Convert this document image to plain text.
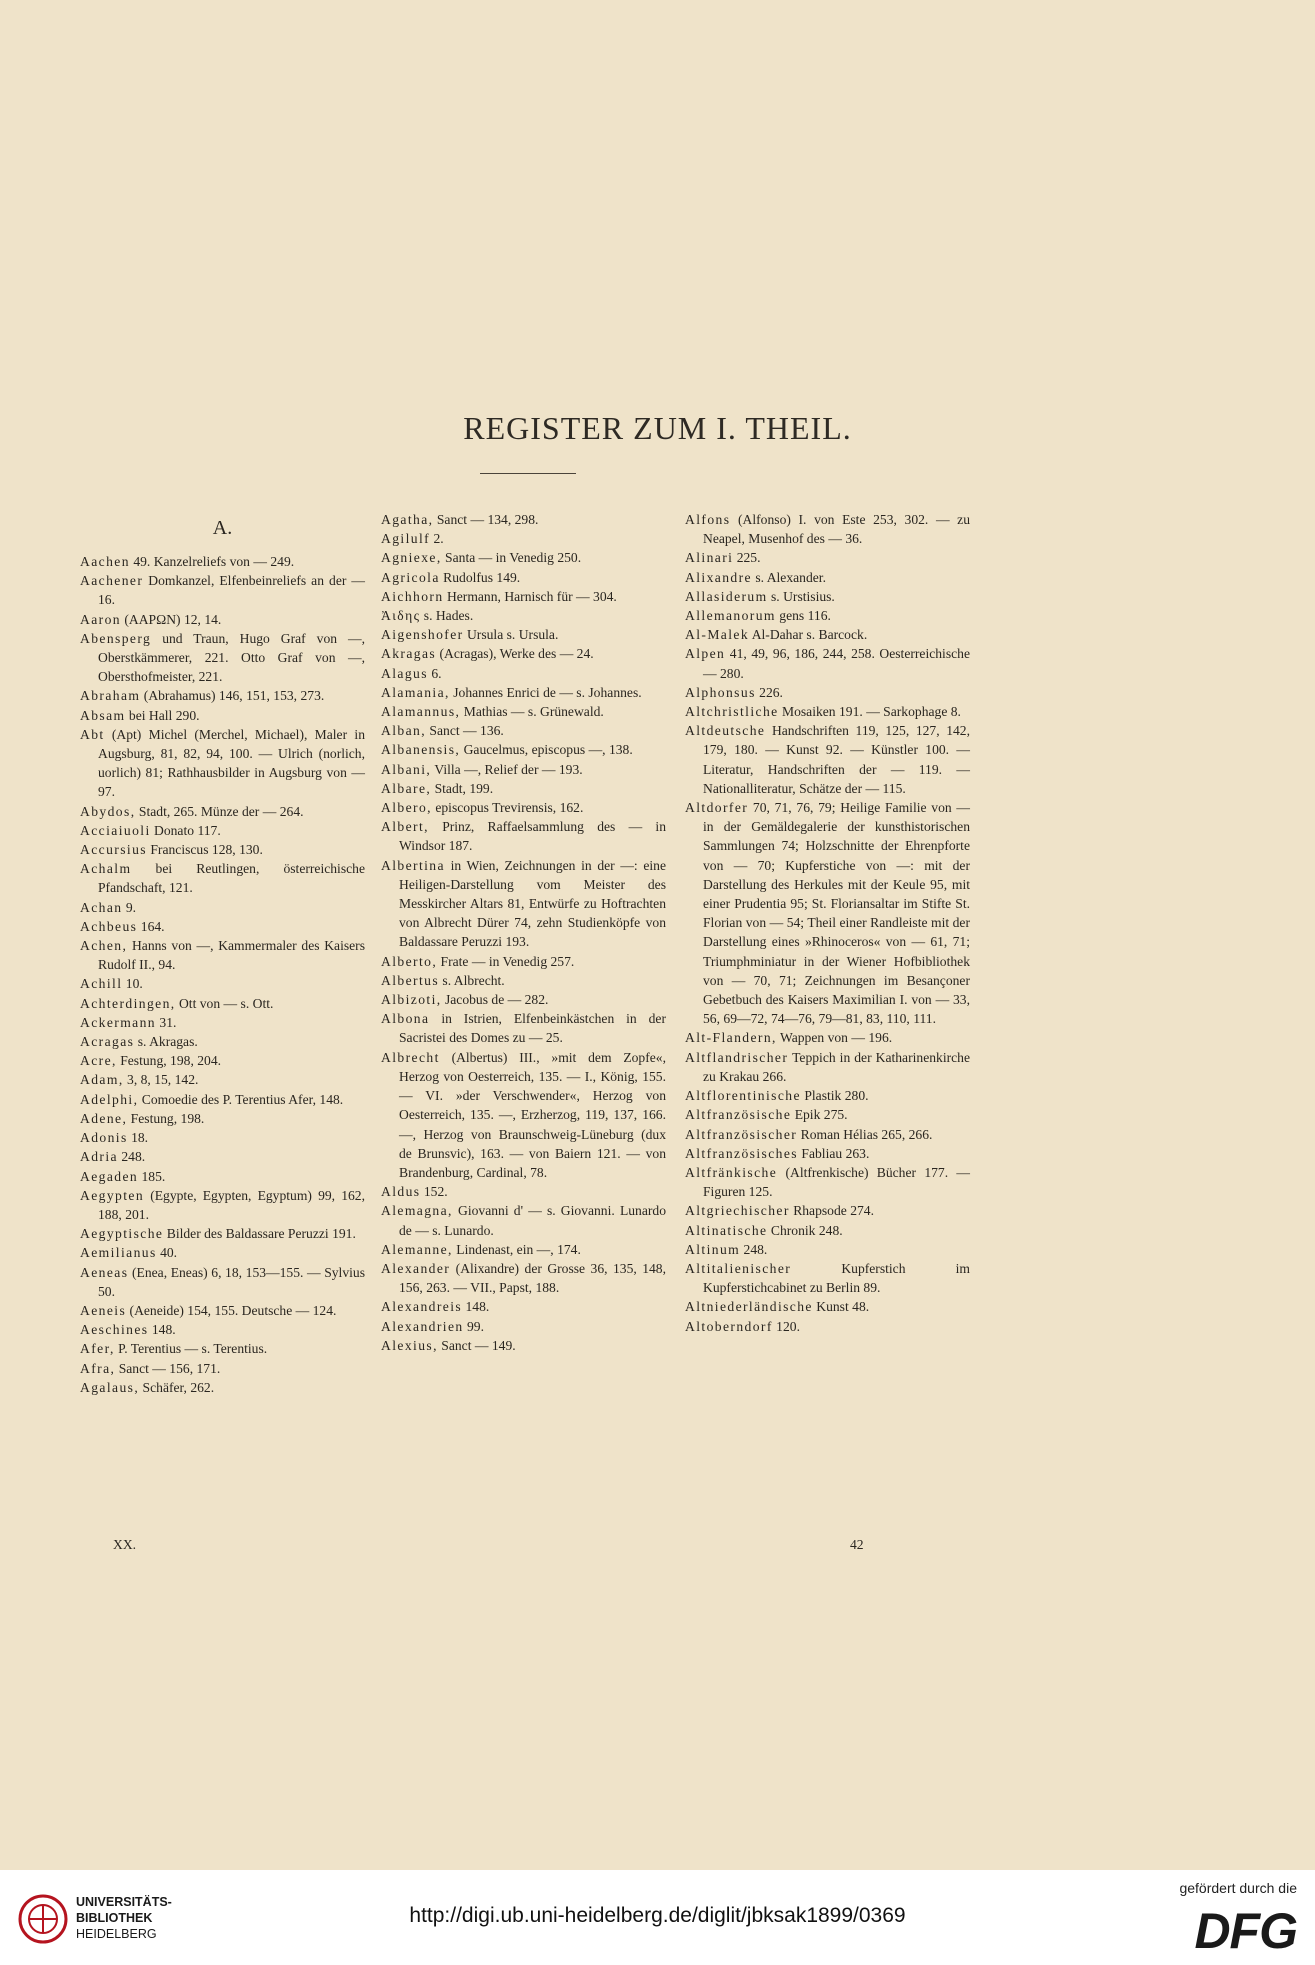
REGISTER ZUM I. THEIL.
A.

Aachen 49. Kanzelreliefs von — 249.

Aachener Domkanzel, Elfenbeinreliefs an der — 16.

Aaron (ΑΑΡΩΝ) 12, 14.

Abensperg und Traun, Hugo Graf von —, Oberstkämmerer, 221. Otto Graf von —, Obersthofmeister, 221.

Abraham (Abrahamus) 146, 151, 153, 273.

Absam bei Hall 290.

Abt (Apt) Michel (Merchel, Michael), Maler in Augsburg, 81, 82, 94, 100. — Ulrich (norlich, uorlich) 81; Rathhausbilder in Augsburg von — 97.

Abydos, Stadt, 265. Münze der — 264.

Acciaiuoli Donato 117.

Accursius Franciscus 128, 130.

Achalm bei Reutlingen, österreichische Pfandschaft, 121.

Achan 9.

Achbeus 164.

Achen, Hanns von —, Kammermaler des Kaisers Rudolf II., 94.

Achill 10.

Achterdingen, Ott von — s. Ott.

Ackermann 31.

Acragas s. Akragas.

Acre, Festung, 198, 204.

Adam, 3, 8, 15, 142.

Adelphi, Comoedie des P. Terentius Afer, 148.

Adene, Festung, 198.

Adonis 18.

Adria 248.

Aegaden 185.

Aegypten (Egypte, Egypten, Egyptum) 99, 162, 188, 201.

Aegyptische Bilder des Baldassare Peruzzi 191.

Aemilianus 40.

Aeneas (Enea, Eneas) 6, 18, 153—155. — Sylvius 50.

Aeneis (Aeneide) 154, 155. Deutsche — 124.

Aeschines 148.

Afer, P. Terentius — s. Terentius.

Afra, Sanct — 156, 171.

Agalaus, Schäfer, 262.

Agatha, Sanct — 134, 298.

Agilulf 2.

Agniexe, Santa — in Venedig 250.

Agricola Rudolfus 149.

Aichhorn Hermann, Harnisch für — 304.

Ἀιδης s. Hades.

Aigenshofer Ursula s. Ursula.

Akragas (Acragas), Werke des — 24.

Alagus 6.

Alamania, Johannes Enrici de — s. Johannes.

Alamannus, Mathias — s. Grünewald.

Alban, Sanct — 136.

Albanensis, Gaucelmus, episcopus —, 138.

Albani, Villa —, Relief der — 193.

Albare, Stadt, 199.

Albero, episcopus Trevirensis, 162.

Albert, Prinz, Raffaelsammlung des — in Windsor 187.

Albertina in Wien, Zeichnungen in der —: eine Heiligen-Darstellung vom Meister des Messkircher Altars 81, Entwürfe zu Hoftrachten von Albrecht Dürer 74, zehn Studienköpfe von Baldassare Peruzzi 193.

Alberto, Frate — in Venedig 257.

Albertus s. Albrecht.

Albizoti, Jacobus de — 282.

Albona in Istrien, Elfenbeinkästchen in der Sacristei des Domes zu — 25.

Albrecht (Albertus) III., »mit dem Zopfe«, Herzog von Oesterreich, 135. — I., König, 155. — VI. »der Verschwender«, Herzog von Oesterreich, 135. —, Erzherzog, 119, 137, 166. —, Herzog von Braunschweig-Lüneburg (dux de Brunsvic), 163. — von Baiern 121. — von Brandenburg, Cardinal, 78.

Aldus 152.

Alemagna, Giovanni d' — s. Giovanni. Lunardo de — s. Lunardo.

Alemanne, Lindenast, ein —, 174.

Alexander (Alixandre) der Grosse 36, 135, 148, 156, 263. — VII., Papst, 188.

Alexandreis 148.

Alexandrien 99.

Alexius, Sanct — 149.

Alfons (Alfonso) I. von Este 253, 302. — zu Neapel, Musenhof des — 36.

Alinari 225.

Alixandre s. Alexander.

Allasiderum s. Urstisius.

Allemanorum gens 116.

Al-Malek Al-Dahar s. Barcock.

Alpen 41, 49, 96, 186, 244, 258. Oesterreichische — 280.

Alphonsus 226.

Altchristliche Mosaiken 191. — Sarkophage 8.

Altdeutsche Handschriften 119, 125, 127, 142, 179, 180. — Kunst 92. — Künstler 100. — Literatur, Handschriften der — 119. — Nationalliteratur, Schätze der — 115.

Altdorfer 70, 71, 76, 79; Heilige Familie von — in der Gemäldegalerie der kunsthistorischen Sammlungen 74; Holzschnitte der Ehrenpforte von — 70; Kupferstiche von —: mit der Darstellung des Herkules mit der Keule 95, mit einer Prudentia 95; St. Floriansaltar im Stifte St. Florian von — 54; Theil einer Randleiste mit der Darstellung eines »Rhinoceros« von — 61, 71; Triumphminiatur in der Wiener Hofbibliothek von — 70, 71; Zeichnungen im Besançoner Gebetbuch des Kaisers Maximilian I. von — 33, 56, 69—72, 74—76, 79—81, 83, 110, 111.

Alt-Flandern, Wappen von — 196.

Altflandrischer Teppich in der Katharinenkirche zu Krakau 266.

Altflorentinische Plastik 280.

Altfranzösische Epik 275.

Altfranzösischer Roman Hélias 265, 266.

Altfranzösisches Fabliau 263.

Altfränkische (Altfrenkische) Bücher 177. — Figuren 125.

Altgriechischer Rhapsode 274.

Altinatische Chronik 248.

Altinum 248.

Altitalienischer Kupferstich im Kupferstichcabinet zu Berlin 89.

Altniederländische Kunst 48.

Altoberndorf 120.

XX.	42
UNIVERSITÄTS-
BIBLIOTHEK
HEIDELBERG
http://digi.ub.uni-heidelberg.de/diglit/jbksak1899/0369
gefördert durch die
DFG
